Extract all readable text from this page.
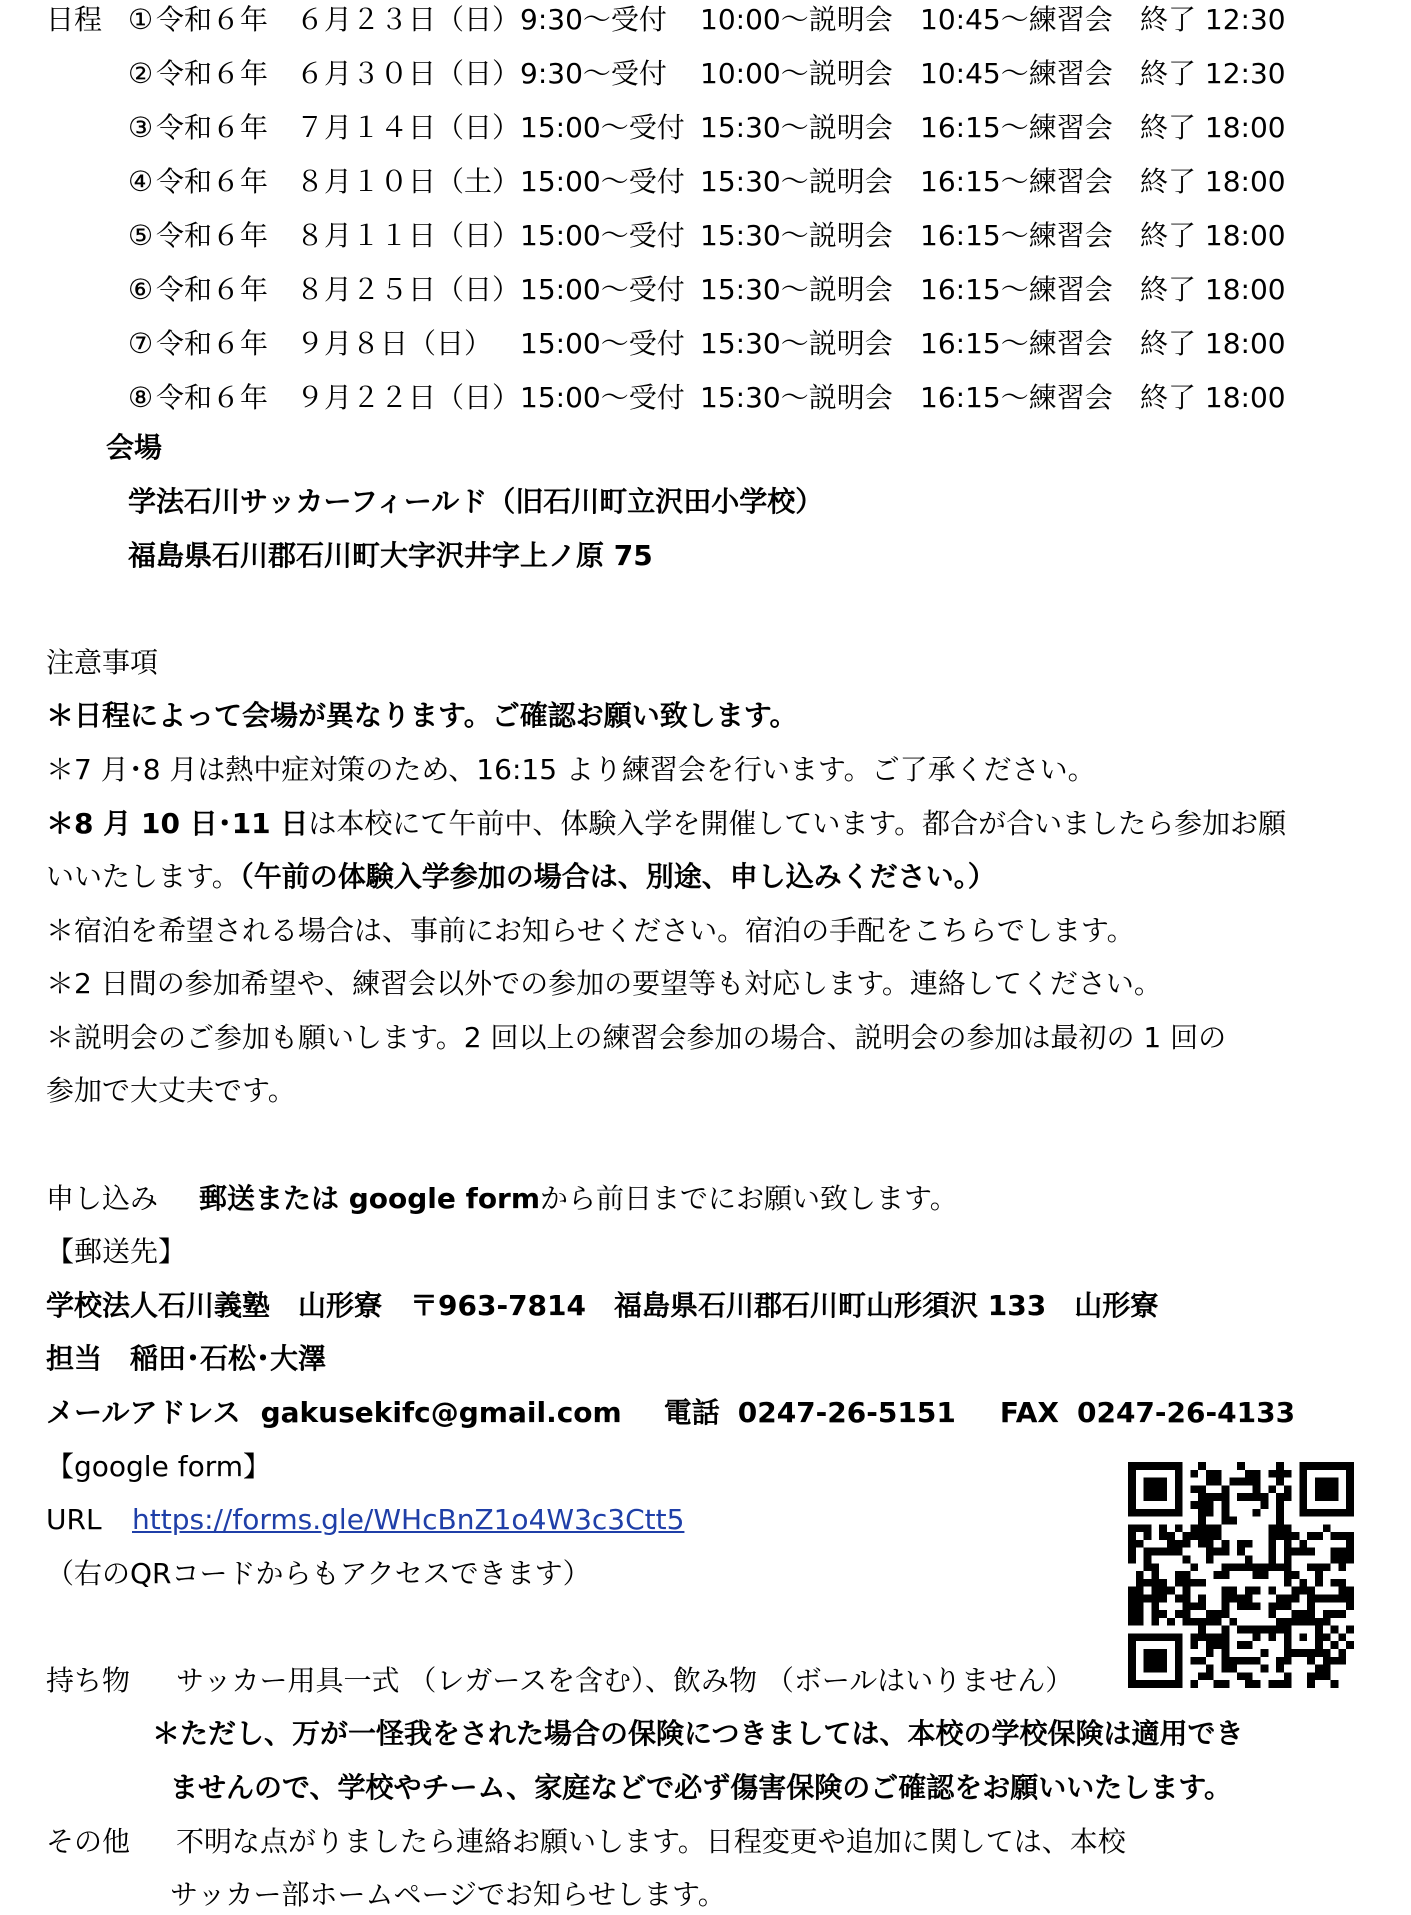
日程 ① 令和６年　６月２３日（日） 9:30～受付 10:00～説明会 10:45～練習会 終了 12:30
② 令和６年　６月３０日（日） 9:30～受付 10:00～説明会 10:45～練習会 終了 12:30
③ 令和６年　７月１４日（日） 15:00～受付 15:30～説明会 16:15～練習会 終了 18:00
④ 令和６年　８月１０日（土） 15:00～受付 15:30～説明会 16:15～練習会 終了 18:00
⑤ 令和６年　８月１１日（日） 15:00～受付 15:30～説明会 16:15～練習会 終了 18:00
⑥ 令和６年　８月２５日（日） 15:00～受付 15:30～説明会 16:15～練習会 終了 18:00
⑦ 令和６年　９月８日（日） 15:00～受付 15:30～説明会 16:15～練習会 終了 18:00
⑧ 令和６年　９月２２日（日） 15:00～受付 15:30～説明会 16:15～練習会 終了 18:00
会場
学法石川サッカーフィールド（旧石川町立沢田小学校）
福島県石川郡石川町大字沢井字上ノ原 75
注意事項
＊日程によって会場が異なります。ご確認お願い致します。
＊7 月･8 月は熱中症対策のため、16:15 より練習会を行います。ご了承ください。
＊8 月 10 日･11 日は本校にて午前中、体験入学を開催しています。都合が合いましたら参加お願
いいたします。（午前の体験入学参加の場合は、別途、申し込みください。）
＊宿泊を希望される場合は、事前にお知らせください。宿泊の手配をこちらでします。
＊2 日間の参加希望や、練習会以外での参加の要望等も対応します。連絡してください。
＊説明会のご参加も願いします。2 回以上の練習会参加の場合、説明会の参加は最初の 1 回の
参加で大丈夫です。
申し込み 郵送または google formから前日までにお願い致します。
【郵送先】
学校法人石川義塾　山形寮　〒963-7814　福島県石川郡石川町山形須沢 133　山形寮
担当　稲田･石松･大澤
メールアドレス gakusekifc@gmail.com 電話 0247-26-5151 FAX 0247-26-4133
【google form】
URL https://forms.gle/WHcBnZ1o4W3c3Ctt5
（右のQRコードからもアクセスできます）
持ち物 サッカー用具一式 （レガースを含む）、飲み物 （ボールはいりません）
＊ただし、万が一怪我をされた場合の保険につきましては、本校の学校保険は適用でき
ませんので、学校やチーム、家庭などで必ず傷害保険のご確認をお願いいたします。
その他 不明な点がりましたら連絡お願いします。日程変更や追加に関しては、本校
サッカー部ホームページでお知らせします。
